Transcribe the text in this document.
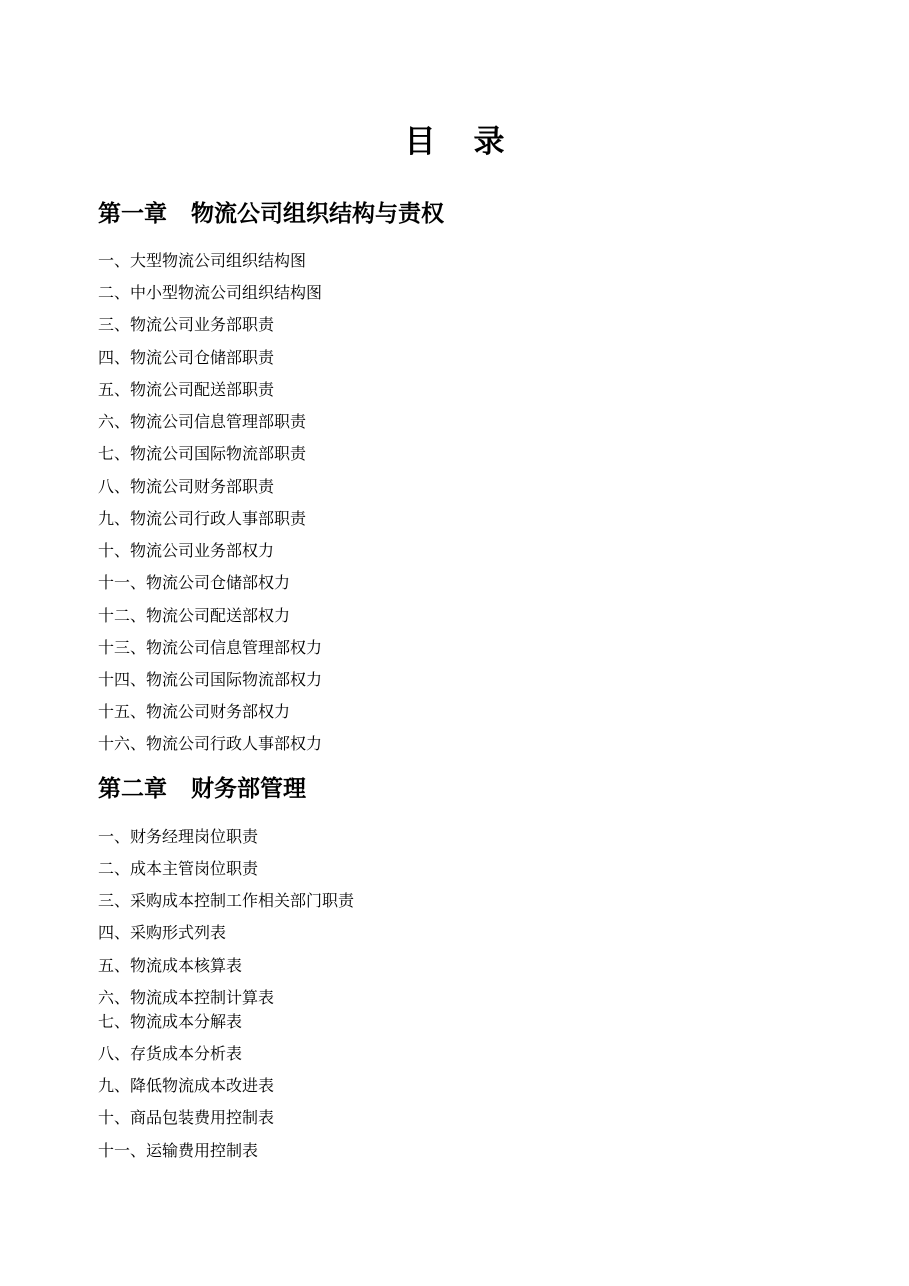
目录
第一章 物流公司组织结构与责权
一、大型物流公司组织结构图
二、中小型物流公司组织结构图
三、物流公司业务部职责
四、物流公司仓储部职责
五、物流公司配送部职责
六、物流公司信息管理部职责
七、物流公司国际物流部职责
八、物流公司财务部职责
九、物流公司行政人事部职责
十、物流公司业务部权力
十一、物流公司仓储部权力
十二、物流公司配送部权力
十三、物流公司信息管理部权力
十四、物流公司国际物流部权力
十五、物流公司财务部权力
十六、物流公司行政人事部权力
第二章 财务部管理
一、财务经理岗位职责
二、成本主管岗位职责
三、采购成本控制工作相关部门职责
四、采购形式列表
五、物流成本核算表
六、物流成本控制计算表
七、物流成本分解表
八、存货成本分析表
九、降低物流成本改进表
十、商品包装费用控制表
十一、运输费用控制表
